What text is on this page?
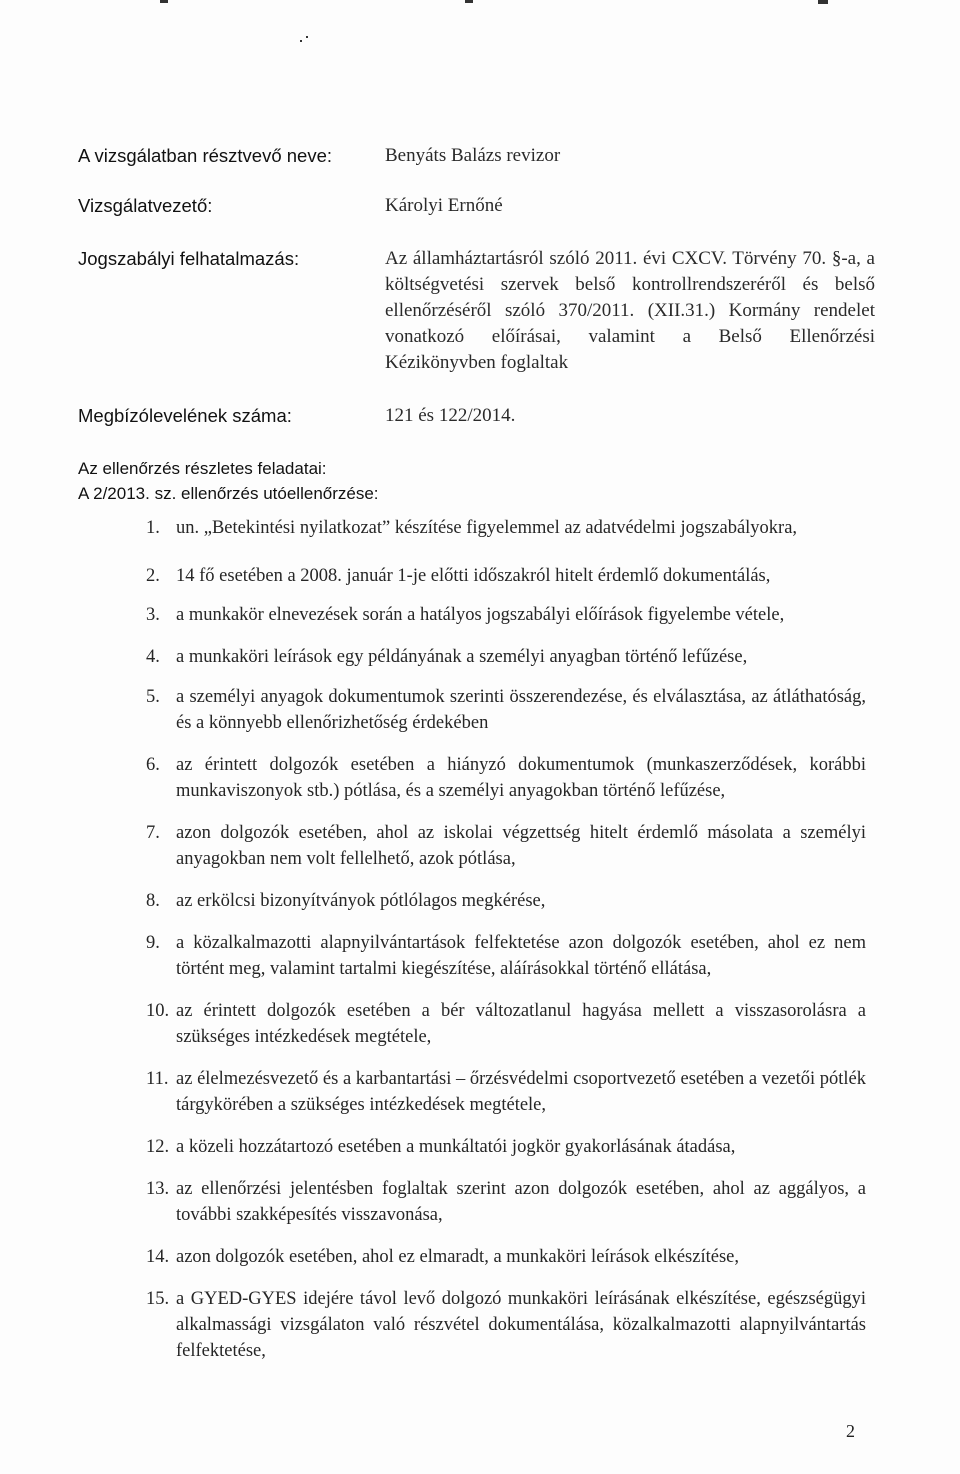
A vizsgálatban résztvevő neve:	Benyáts Balázs revizor
Vizsgálatvezető:	Károlyi Ernőné
Jogszabályi felhatalmazás:	Az államháztartásról szóló 2011. évi CXCV. Törvény 70. §-a, a költségvetési szervek belső kontrollrendszeréről és belső ellenőrzéséről szóló 370/2011. (XII.31.) Kormány rendelet vonatkozó előírásai, valamint a Belső Ellenőrzési Kézikönyvben foglaltak
Megbízólevelének száma:	121 és 122/2014.
Az ellenőrzés részletes feladatai:
A 2/2013. sz. ellenőrzés utóellenőrzése:
1. un. „Betekintési nyilatkozat” készítése figyelemmel az adatvédelmi jogszabályokra,
2. 14 fő esetében a 2008. január 1-je előtti időszakról hitelt érdemlő dokumentálás,
3. a munkakör elnevezések során a hatályos jogszabályi előírások figyelembe vétele,
4. a munkaköri leírások egy példányának a személyi anyagban történő lefűzése,
5. a személyi anyagok dokumentumok szerinti összerendezése, és elválasztása, az átláthatóság, és a könnyebb ellenőrizhetőség érdekében
6. az érintett dolgozók esetében a hiányzó dokumentumok (munkaszerződések, korábbi munkaviszonyok stb.) pótlása, és a személyi anyagokban történő lefűzése,
7. azon dolgozók esetében, ahol az iskolai végzettség hitelt érdemlő másolata a személyi anyagokban nem volt fellelhető, azok pótlása,
8. az erkölcsi bizonyítványok pótlólagos megkérése,
9. a közalkalmazotti alapnyilvántartások felfektetése azon dolgozók esetében, ahol ez nem történt meg, valamint tartalmi kiegészítése, aláírásokkal történő ellátása,
10. az érintett dolgozók esetében a bér változatlanul hagyása mellett a visszasorolásra a szükséges intézkedések megtétele,
11. az élelmezésvezető és a karbantartási – őrzésvédelmi csoportvezető esetében a vezetői pótlék tárgykörében a szükséges intézkedések megtétele,
12. a közeli hozzátartozó esetében a munkáltatói jogkör gyakorlásának átadása,
13. az ellenőrzési jelentésben foglaltak szerint azon dolgozók esetében, ahol az aggályos, a további szakképesítés visszavonása,
14. azon dolgozók esetében, ahol ez elmaradt, a munkaköri leírások elkészítése,
15. a GYED-GYES idejére távol levő dolgozó munkaköri leírásának elkészítése, egészségügyi alkalmassági vizsgálaton való részvétel dokumentálása, közalkalmazotti alapnyilvántartás felfektetése,
2
